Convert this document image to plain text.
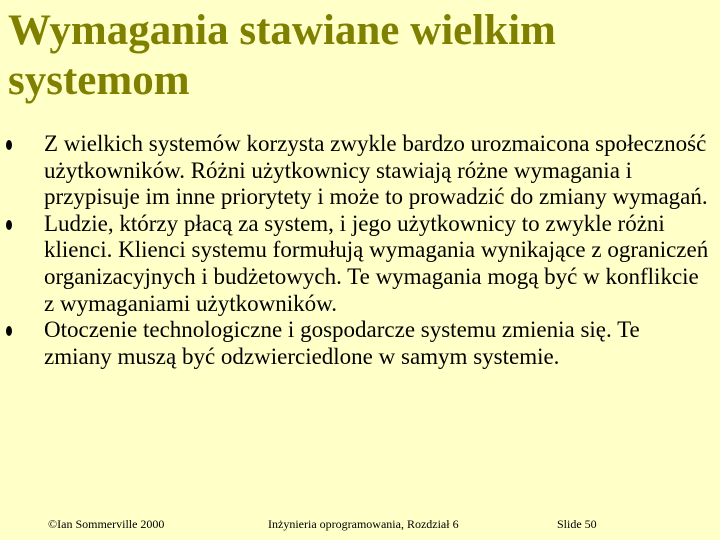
Wymagania stawiane wielkim systemom
Z wielkich systemów korzysta zwykle bardzo urozmaicona społeczność użytkowników. Różni użytkownicy stawiają różne wymagania i przypisuje im inne priorytety i może to prowadzić do zmiany wymagań.
Ludzie, którzy płacą za system, i jego użytkownicy to zwykle różni klienci. Klienci systemu formułują wymagania wynikające z ograniczeń organizacyjnych i budżetowych. Te wymagania mogą być w konflikcie z wymaganiami użytkowników.
Otoczenie technologiczne i gospodarcze systemu zmienia się. Te zmiany muszą być odzwierciedlone w samym systemie.
©Ian Sommerville 2000	Inżynieria oprogramowania, Rozdział 6	Slide 50
